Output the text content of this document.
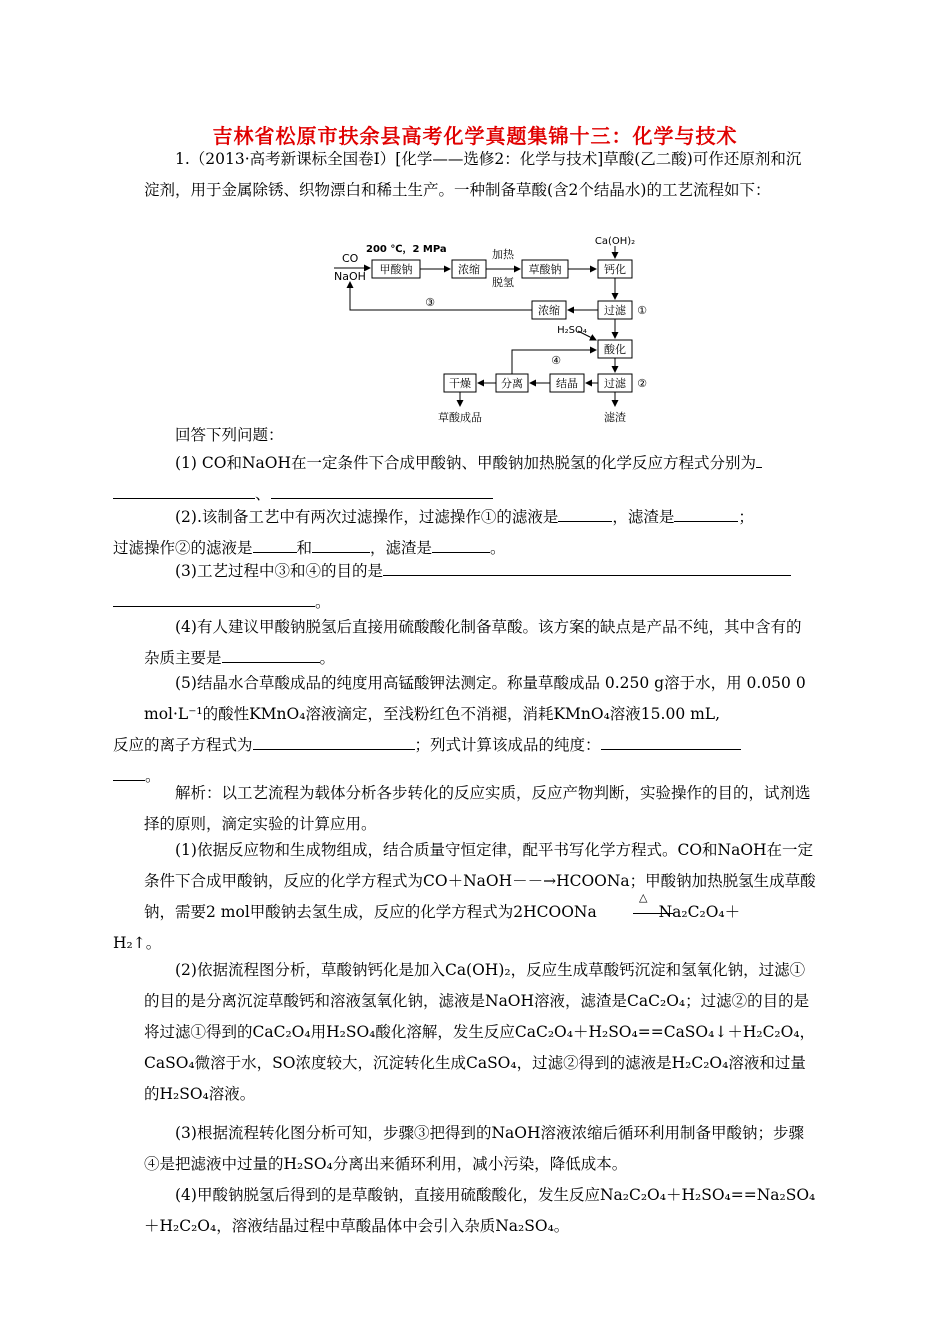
吉林省松原市扶余县高考化学真题集锦十三：化学与技术
1.（2013·高考新课标全国卷Ⅰ）[化学——选修2：化学与技术]草酸(乙二酸)可作还原剂和沉淀剂，用于金属除锈、织物漂白和稀土生产。一种制备草酸(含2个结晶水)的工艺流程如下：
CO
NaOH
200 ℃，2 MPa
甲酸钠	浓缩
加热
脱氢
草酸钠
Ca(OH)₂
钙化
过滤 ①
浓缩
③
H₂SO₄
酸化
④
干燥	分离	结晶 过滤 ②
草酸成品	滤渣
回答下列问题：
(1) CO和NaOH在一定条件下合成甲酸钠、甲酸钠加热脱氢的化学反应方程式分别为
、
(2).该制备工艺中有两次过滤操作，过滤操作①的滤液是	，滤渣是	；
过滤操作②的滤液是	和	，滤渣是	。
(3)工艺过程中③和④的目的是
。
(4)有人建议甲酸钠脱氢后直接用硫酸酸化制备草酸。该方案的缺点是产品不纯，其中含有的杂质主要是	。
(5)结晶水合草酸成品的纯度用高锰酸钾法测定。称量草酸成品 0.250 g溶于水，用 0.050 0 mol·L⁻¹的酸性KMnO₄溶液滴定，至浅粉红色不消褪，消耗KMnO₄溶液15.00 mL,
反应的离子方程式为	；列式计算该成品的纯度：
。
解析：以工艺流程为载体分析各步转化的反应实质，反应产物判断，实验操作的目的，试剂选择的原则，滴定实验的计算应用。
(1)依据反应物和生成物组成，结合质量守恒定律，配平书写化学方程式。CO和NaOH在一定条件下合成甲酸钠，反应的化学方程式为CO＋NaOH－－→HCOONa；甲酸钠加热脱氢生成草酸钠，需要2 mol甲酸钠去氢生成，反应的化学方程式为2HCOONa
△
Na₂C₂O₄＋
H₂↑。
(2)依据流程图分析，草酸钠钙化是加入Ca(OH)₂，反应生成草酸钙沉淀和氢氧化钠，过滤①的目的是分离沉淀草酸钙和溶液氢氧化钠，滤液是NaOH溶液，滤渣是CaC₂O₄；过滤②的目的是将过滤①得到的CaC₂O₄用H₂SO₄酸化溶解，发生反应CaC₂O₄＋H₂SO₄==CaSO₄↓＋H₂C₂O₄，CaSO₄微溶于水，SO浓度较大，沉淀转化生成CaSO₄，过滤②得到的滤液是H₂C₂O₄溶液和过量的H₂SO₄溶液。
(3)根据流程转化图分析可知，步骤③把得到的NaOH溶液浓缩后循环利用制备甲酸钠；步骤④是把滤液中过量的H₂SO₄分离出来循环利用，减小污染，降低成本。
(4)甲酸钠脱氢后得到的是草酸钠，直接用硫酸酸化，发生反应Na₂C₂O₄＋H₂SO₄==Na₂SO₄＋H₂C₂O₄，溶液结晶过程中草酸晶体中会引入杂质Na₂SO₄。
